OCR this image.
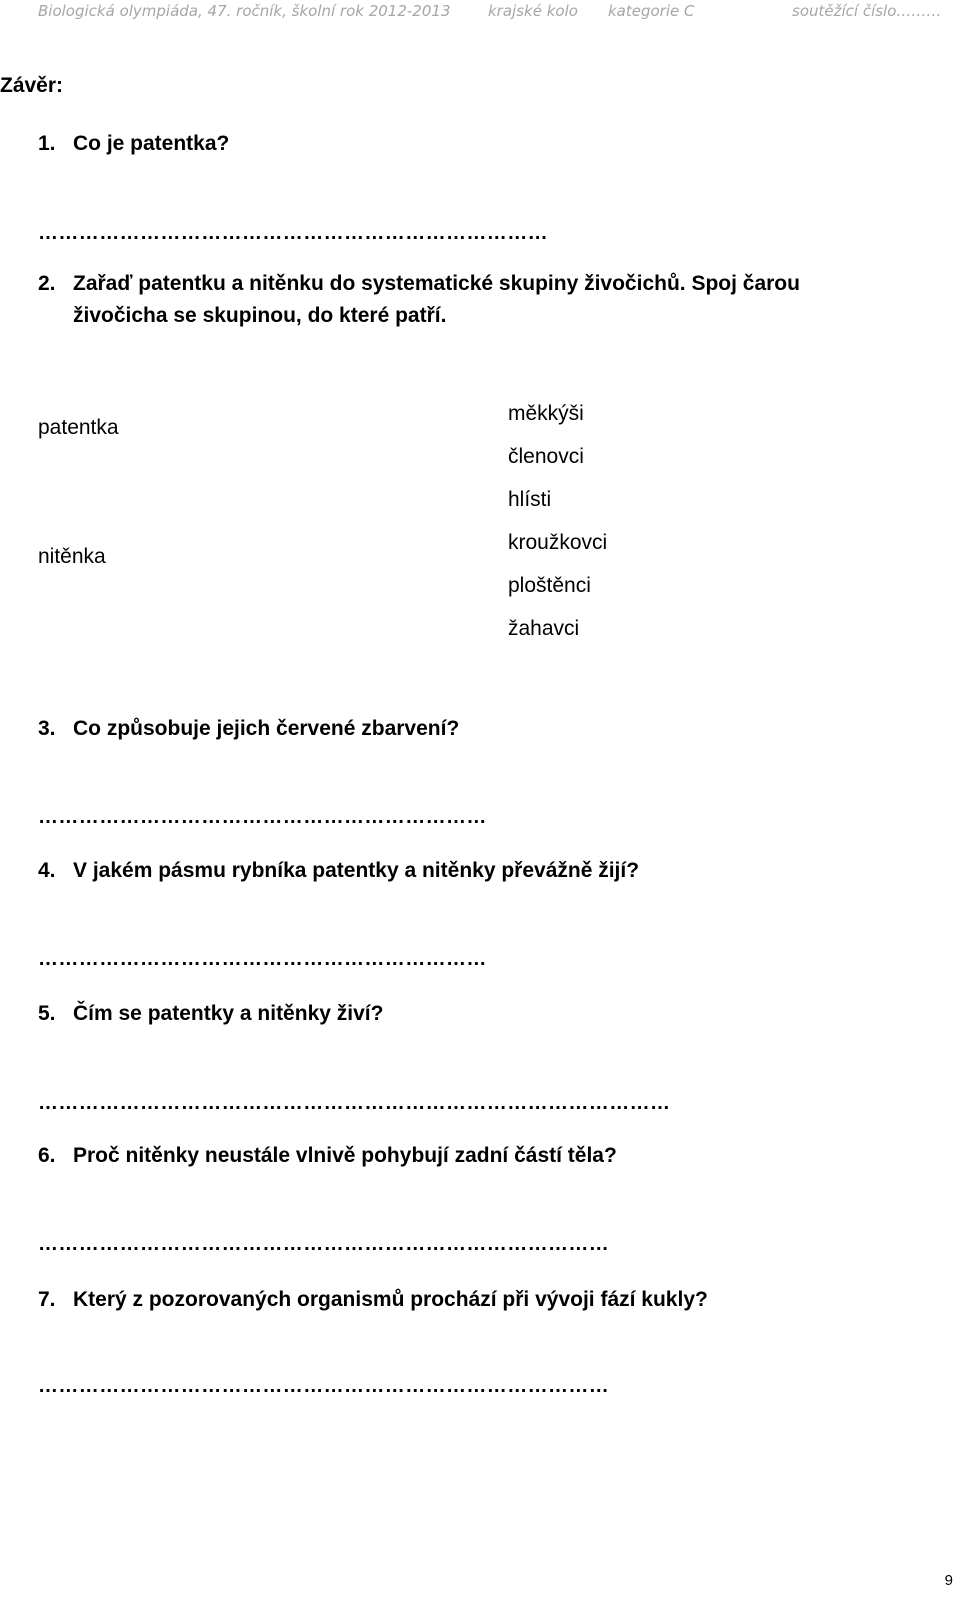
Biologická olympiáda, 47. ročník, školní rok 2012-2013	krajské kolo kategorie C	soutěžící číslo………
Závěr:
1. Co je patentka?
…………………………………………………………………
2. Zařaď patentku a nitěnku do systematické skupiny živočichů. Spoj čarou
živočicha se skupinou, do které patří.
patentka
nitěnka
měkkýši
členovci
hlísti
kroužkovci
ploštěnci
žahavci
3. Co způsobuje jejich červené zbarvení?
…………………………………………………………
4. V jakém pásmu rybníka patentky a nitěnky převážně žijí?
…………………………………………………………
5. Čím se patentky a nitěnky živí?
…………………………………………………………………………………
6. Proč nitěnky neustále vlnivě pohybují zadní částí těla?
…………………………………………………………………………
7. Který z pozorovaných organismů prochází při vývoji fází kukly?
…………………………………………………………………………
9
